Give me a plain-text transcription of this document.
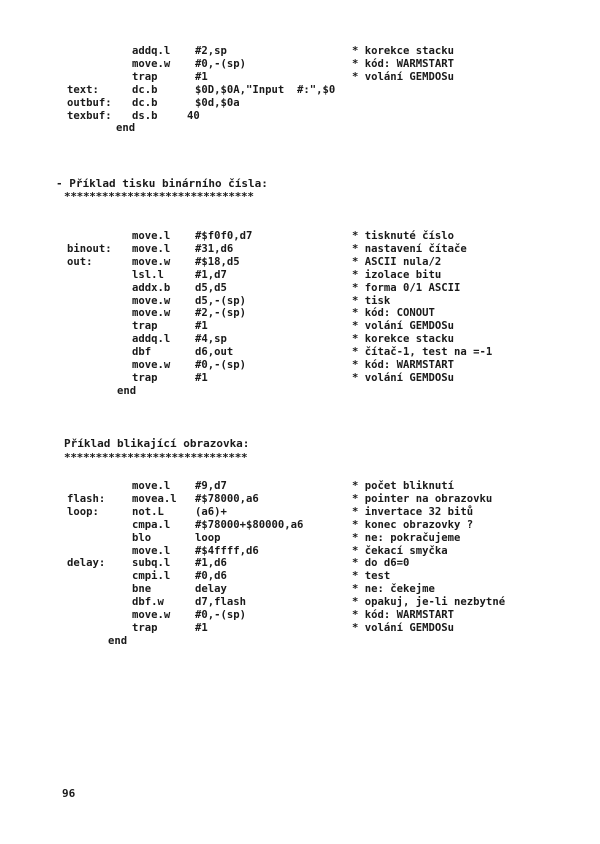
addq.l #2,sp	* korekce stacku
move.w #0,-(sp)	* kód: WARMSTART
trap	#1	* volání GEMDOSu
text:	dc.b	$0D,$0A,"Input  #:",$0
outbuf: dc.b	$0d,$0a
texbuf: ds.b	40
end
- Příklad tisku binárního čísla:
******************************
move.l #$f0f0,d7	* tisknuté číslo
binout: move.l #31,d6	* nastavení čítače
out:	move.w #$18,d5	* ASCII nula/2
lsl.l	#1,d7	* izolace bitu
addx.b d5,d5	* forma 0/1 ASCII
move.w d5,-(sp)	* tisk
move.w #2,-(sp)	* kód: CONOUT
trap	#1	* volání GEMDOSu
addq.l #4,sp	* korekce stacku
dbf	d6,out	* čítač-1, test na =-1
move.w #0,-(sp)	* kód: WARMSTART
trap	#1	* volání GEMDOSu
end
Příklad blikající obrazovka:
*****************************
move.l #9,d7	* počet bliknutí
flash:	movea.l #$78000,a6	* pointer na obrazovku
loop:	not.L	(a6)+	* invertace 32 bitů
cmpa.l #$78000+$80000,a6	* konec obrazovky ?
blo	loop	* ne: pokračujeme
move.l #$4ffff,d6	* čekací smyčka
delay:	subq.l #1,d6	* do d6=0
cmpi.l #0,d6	* test
bne	delay	* ne: čekejme
dbf.w	d7,flash	* opakuj, je-li nezbytné
move.w #0,-(sp)	* kód: WARMSTART
trap	#1	* volání GEMDOSu
end
96
